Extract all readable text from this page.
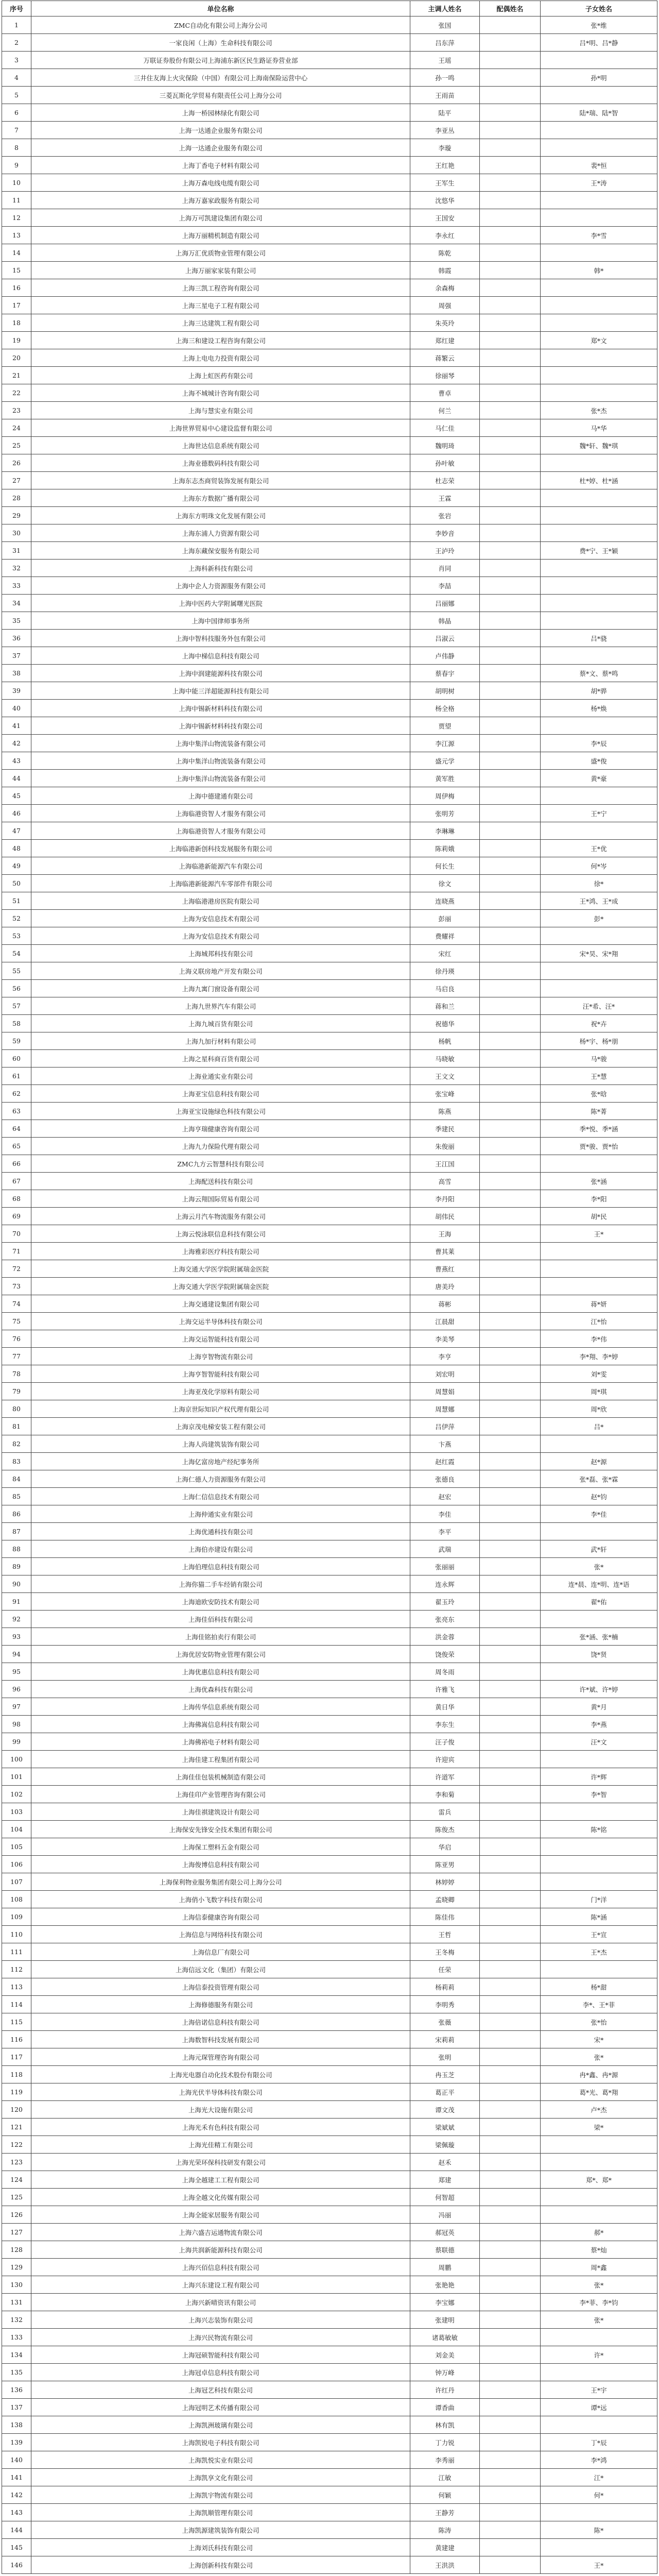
序号	单位名称	主调人姓名	配偶姓名	子女姓名
1	ZMC自动化有限公司上海分公司	张国		张*维
2	一家良闲（上海）生命科技有限公司	吕东萍		吕*明、吕*静
3	万联证券股份有限公司上海浦东新区民生路证券营业部	王瑶		
4	三井住友海上火灾保险（中国）有限公司上海南保险运营中心	孙一鸣		孙*明
5	三菱瓦斯化学贸易有限责任公司上海分公司	王雨苗		
6	上海一桥园林绿化有限公司	陆平		陆*瑞、陆*智
7	上海一达通企业服务有限公司	李亚丛		
8	上海一达通企业服务有限公司	李璇		
9	上海丁香电子材料有限公司	王红艳		裴*恒
10	上海万森电线电缆有限公司	王军生		王*涛
11	上海万嘉家政服务有限公司	沈悠华		
12	上海万可凯建设集团有限公司	王国安		
13	上海万丽精机制造有限公司	李永红		李*雪
14	上海万汇优质物业管理有限公司	陈乾		
15	上海万丽家家装有限公司	韩霞		韩*
16	上海三凯工程咨询有限公司	余森梅		
17	上海三星电子工程有限公司	周强		
18	上海三达建筑工程有限公司	朱英玲		
19	上海三和建设工程咨询有限公司	郑红建		郑*文
20	上海上电电力投资有限公司	蒋繁云		
21	上海上虹医药有限公司	徐丽琴		
22	上海不城城计咨询有限公司	曹卓		
23	上海与慧实业有限公司	何兰		张*杰
24	上海世界贸易中心建设监督有限公司	马仁佳		马*华
25	上海世达信息系统有限公司	魏明琦		魏*轩、魏*琪
26	上海业德数码科技有限公司	孙叶敏		
27	上海东志杰商贸装饰发展有限公司	杜志荣		杜*婷、杜*涵
28	上海东方数据广播有限公司	王霖		
29	上海东方明珠文化发展有限公司	张岩		
30	上海东浦人力资源有限公司	李妙音		
31	上海东藏保安服务有限公司	王泸玲		费*宁、王*颖
32	上海科新科技有限公司	肖同		
33	上海中企人力资源服务有限公司	李喆		
34	上海中医药大学附属曙光医院	吕丽娜		
35	上海中国律师事务所	韩晶		
36	上海中智科技服务外包有限公司	吕淑云		吕*骁
37	上海中梯信息科技有限公司	卢伟静		
38	上海中润建能源科技有限公司	蔡春宇		蔡*文、蔡*鸣
39	上海中能三洋超能源科技有限公司	胡明树		胡*骅
40	上海中锡新材料科技有限公司	杨全格		杨*焕
41	上海中锡新材料科技有限公司	贾望		
42	上海中集洋山物流装备有限公司	李江源		李*辰
43	上海中集洋山物流装备有限公司	盛元学		盛*俊
44	上海中集洋山物流装备有限公司	黄军胜		黄*豪
45	上海中德建通有限公司	周伊梅		
46	上海临港资智人才服务有限公司	张明芳		王*宁
47	上海临港资智人才服务有限公司	李琳琳		
48	上海临港新创科技发展服务有限公司	陈莉娥		王*优
49	上海临港新能源汽车有限公司	何长生		何*岑
50	上海临港新能源汽车零部件有限公司	徐文		徐*
51	上海临港港房医院有限公司	连晓燕		王*鸿、王*成
52	上海为安信息技术有限公司	彭丽		彭*
53	上海为安信息技术有限公司	费耀祥		
54	上海城邦科技有限公司	宋红		宋*昊、宋*翔
55	上海义联房地产开发有限公司	徐丹瑛		
56	上海九寓门窗设备有限公司	马启良		
57	上海九世界汽车有限公司	蒋和兰		汪*希、汪*
58	上海九城百货有限公司	祝德华		祝*卉
59	上海九加行材料有限公司	杨帆		杨*宇、杨*朋
60	上海之星科商百货有限公司	马晓敏		马*骏
61	上海业通实业有限公司	王文文		王*慧
62	上海亚宝信息科技有限公司	张宝峰		张*晗
63	上海亚宝设施绿色科技有限公司	陈燕		陈*菁
64	上海亨瑞健康咨询有限公司	季建民		季*悦、季*涵
65	上海九力保险代理有限公司	朱俊丽		贾*骏、贾*怡
66	ZMC九方云智慧科技有限公司	王江国		
67	上海配送科技有限公司	高雪		张*涵
68	上海云翔国际贸易有限公司	李丹阳		李*阳
69	上海云月汽车物流服务有限公司	胡伟民		胡*民
70	上海云悦泳联信息科技有限公司	王海		王*
71	上海雅彩医疗科技有限公司	曹其莱		
72	上海交通大学医学院附属瑞金医院	曹燕红		
73	上海交通大学医学院附属瑞金医院	唐美玲		
74	上海交通建设集团有限公司	蒋彬		蒋*妍
75	上海交运半导体科技有限公司	江晨甜		江*怡
76	上海交运智能科技有限公司	李美琴		李*伟
77	上海亨智物流有限公司	李亨		李*翔、李*婷
78	上海亨智智能科技有限公司	刘宏明		刘*雯
79	上海亚茂化学原料有限公司	周慧娟		周*琪
80	上海京世际知识产权代理有限公司	周慧娜		周*欣
81	上海京茂电梯安装工程有限公司	吕伊萍		吕*
82	上海人尚建筑装饰有限公司	卞燕		
83	上海亿富房地产经纪事务所	赵红霞		赵*源
84	上海仁德人力资源服务有限公司	张德良		张*磊、张*霖
85	上海仁信信息技术有限公司	赵宏		赵*钧
86	上海仲通实业有限公司	李佳		李*佳
87	上海优通科技有限公司	李平		
88	上海伯亦建设有限公司	武瑞		武*轩
89	上海伯理信息科技有限公司	张丽丽		张*
90	上海你猫二手车经销有限公司	连永辉		连*晨、连*明、连*语
91	上海迪欧安防技术有限公司	翟玉玲		翟*佑
92	上海佳佰科技有限公司	张亮东		
93	上海佳铭拍卖行有限公司	洪金蓉		张*涵、张*楠
94	上海优居安防物业管理有限公司	饶俊荣		饶*贤
95	上海优惠信息科技有限公司	周冬雨		
96	上海优森科技有限公司	许雅飞		许*斌、许*婷
97	上海传华信息系统有限公司	黄日华		黄*月
98	上海佛嵩信息科技有限公司	李东生		李*燕
99	上海佛裕电子材料有限公司	汪子俊		汪*文
100	上海佳建工程集团有限公司	许迎宾		
101	上海佳佳包装机械制造有限公司	许道军		许*辉
102	上海佳印产业管理咨询有限公司	李和菊		李*智
103	上海佳祺建筑设计有限公司	雷兵		
104	上海保安先锋安全技术集团有限公司	陈俊杰		陈*铭
105	上海保工塑料五金有限公司	华启		
106	上海俊博信息科技有限公司	陈亚男		
107	上海保利物业服务集团有限公司上海分公司	林婷婷		
108	上海俏小飞数字科技有限公司	孟晓卿		门*洋
109	上海信泰健康咨询有限公司	陈佳伟		陈*涵
110	上海信息与网络科技有限公司	王哲		王*宣
111	上海信息厂有限公司	王冬梅		王*杰
112	上海信远文化（集团）有限公司	任荣		
113	上海信泰投资管理有限公司	杨莉莉		杨*甜
114	上海修德服务有限公司	李明秀		李*、王*菲
115	上海倍诺信息科技有限公司	张薇		张*怡
116	上海数智科技发展有限公司	宋莉莉		宋*
117	上海元琛管理咨询有限公司	张明		张*
118	上海光电器自动化技术股份有限公司	冉玉芝		冉*鑫、冉*源
119	上海光伏半导体科技有限公司	葛正平		葛*光、葛*翔
120	上海光大设施有限公司	谭文茂		卢*杰
121	上海光禾有色科技有限公司	梁斌斌		梁*
122	上海光佳精工有限公司	梁佩璇		
123	上海光荣环保科技研发有限公司	赵禾		
124	上海全越建工工程有限公司	郑建		郑*、郑*
125	上海全越文化传媒有限公司	何智超		
126	上海全能家居服务有限公司	冯丽		
127	上海六盛吉运通物流有限公司	郝冠英		郝*
128	上海共润新能源科技有限公司	蔡联德		蔡*灿
129	上海兴佰信息科技有限公司	周鹏		周*鑫
130	上海兴东建设工程有限公司	张艳艳		张*
131	上海兴新晴资讯有限公司	李宝娜		李*菲、李*钧
132	上海兴志装饰有限公司	张建明		张*
133	上海兴民物流有限公司	诸葛敏敏		
134	上海冠硕智能科技有限公司	刘金美		许*
135	上海冠卓信息科技有限公司	钟万峰		
136	上海冠艺科技有限公司	许红丹		王*宇
137	上海冠明艺术传播有限公司	谭香曲		谭*远
138	上海凯洲玻璃有限公司	林有凯		
139	上海凯锐电子科技有限公司	丁力锐		丁*辰
140	上海凯悦实业有限公司	李秀丽		李*鸿
141	上海凯享文化有限公司	江敏		江*
142	上海凯宇物流有限公司	何颖		何*
143	上海凯顺管理有限公司	王静芳		
144	上海凯源建筑装饰有限公司	陈涛		陈*
145	上海刘氏科技有限公司	黄建建		
146	上海创新科技有限公司	王洪洪		王*
